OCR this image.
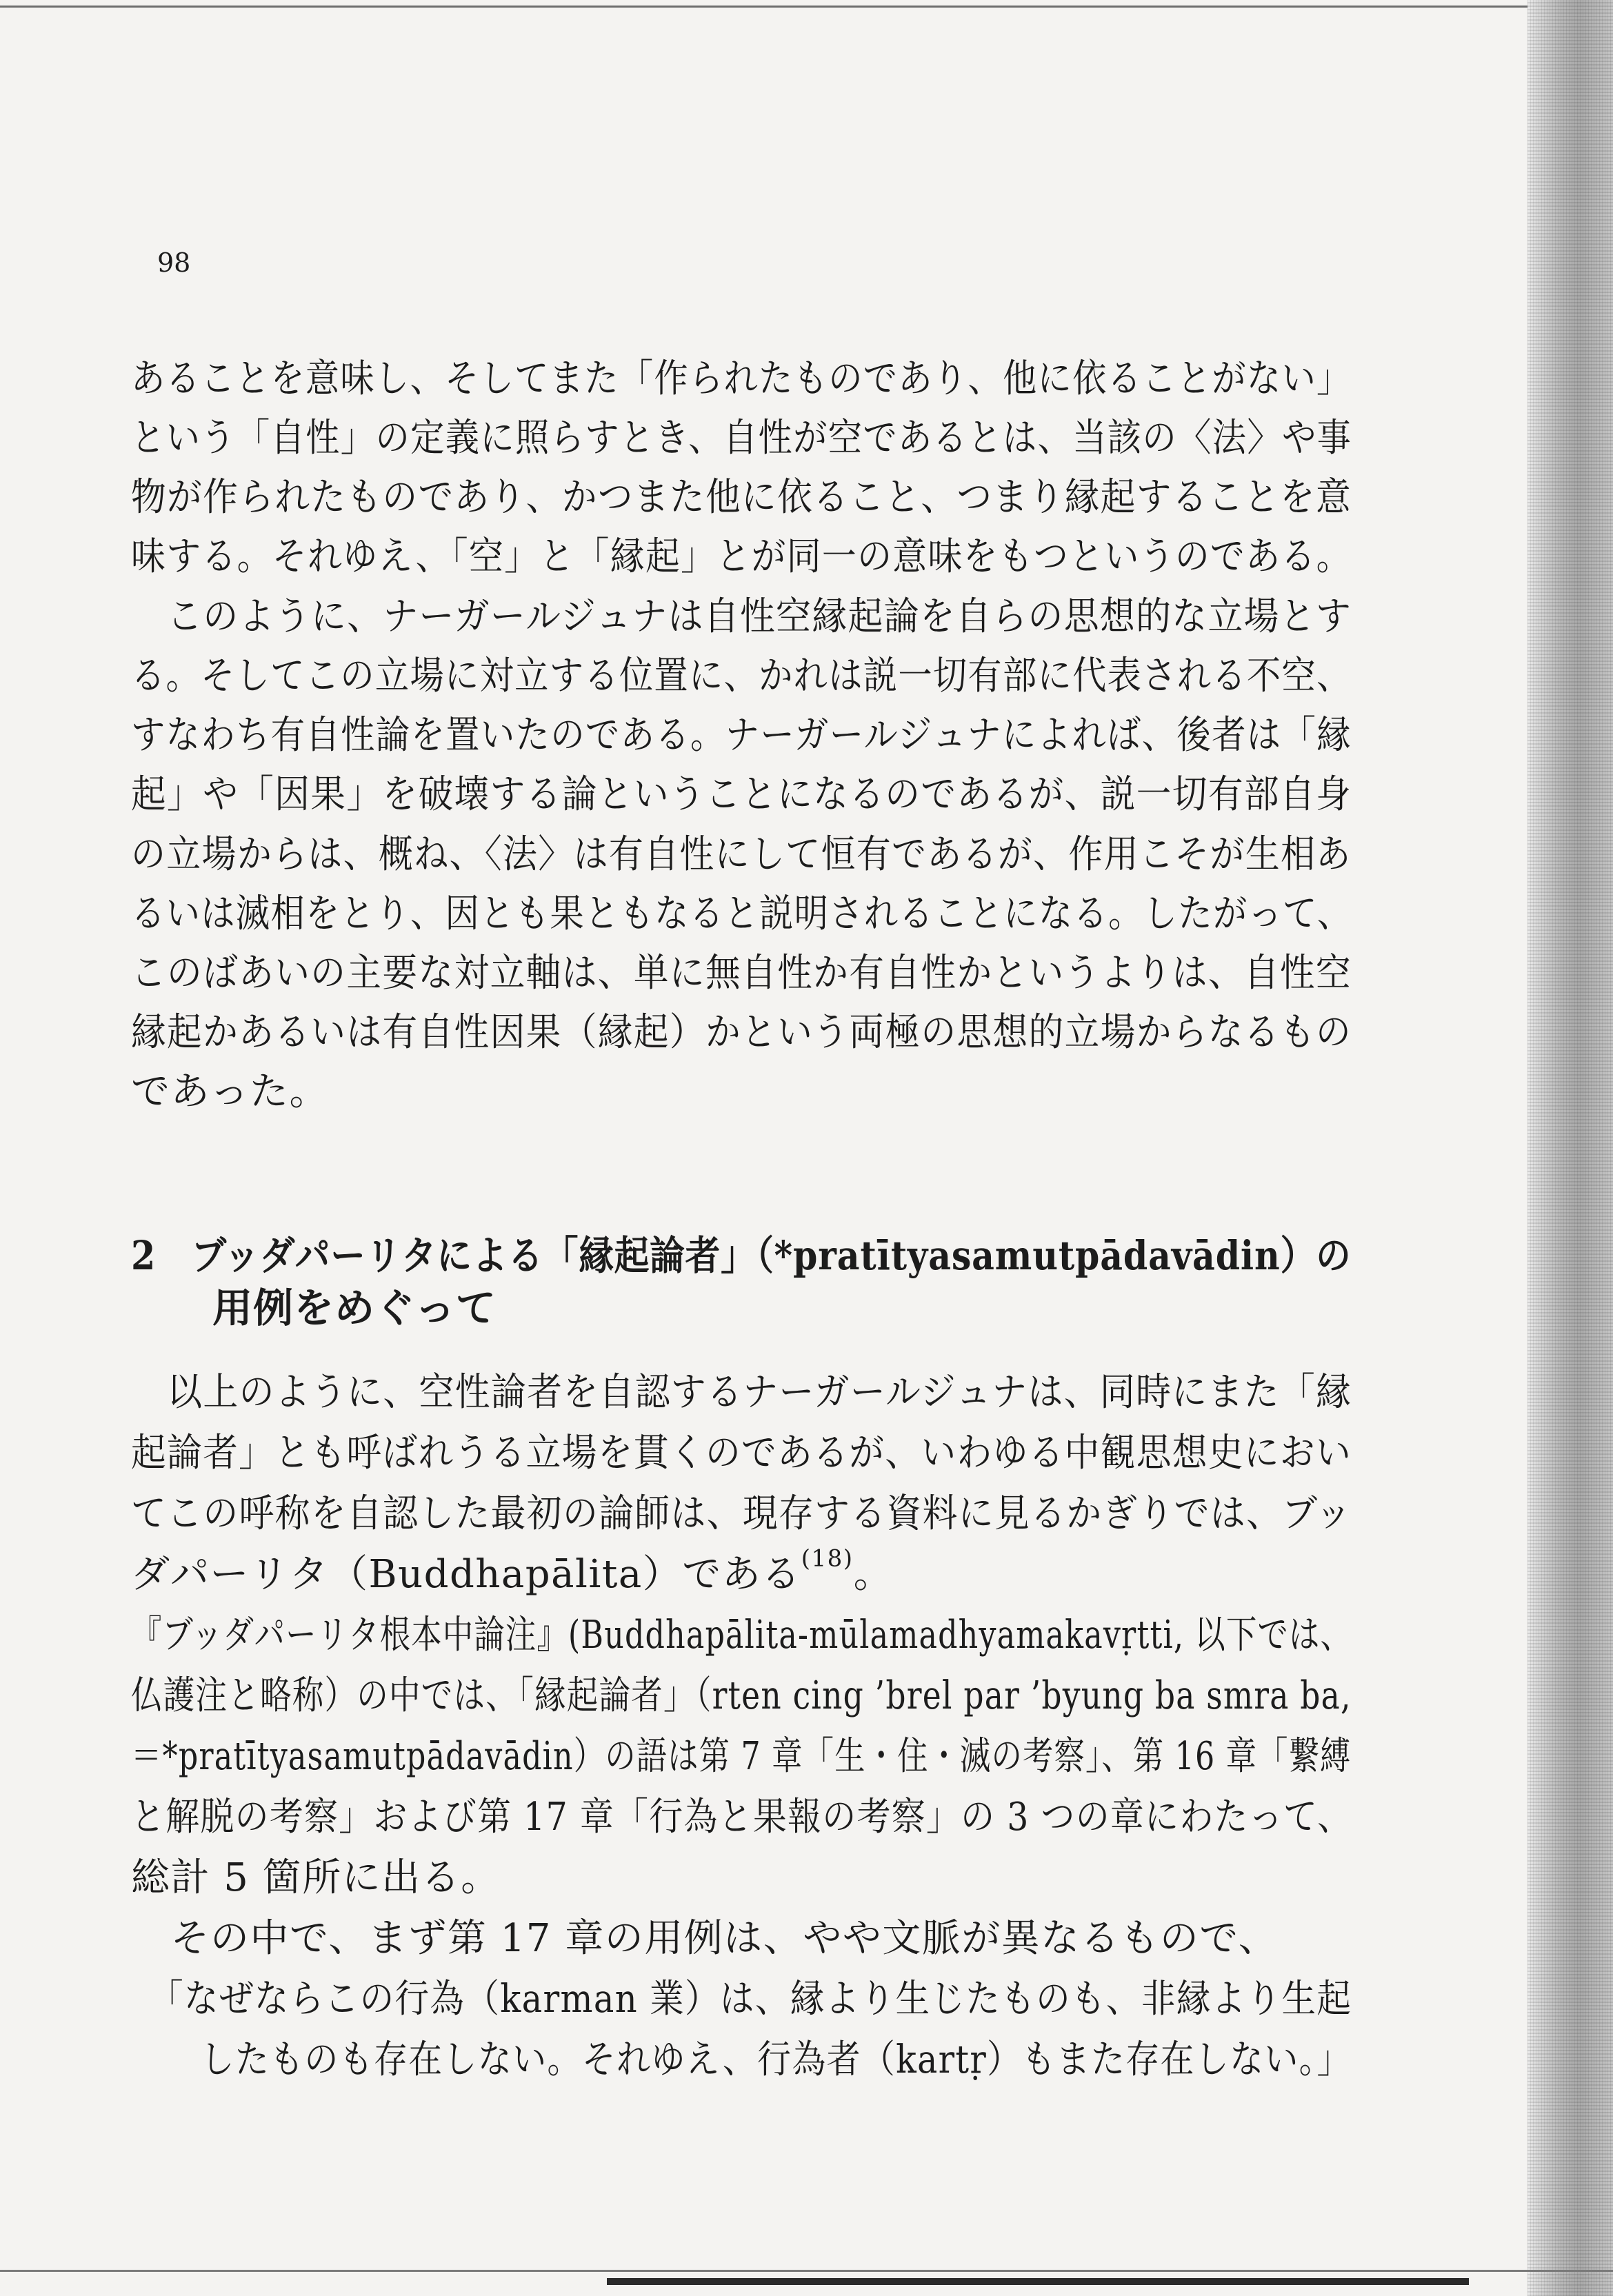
98
あることを意味し、そしてまた「作られたものであり、他に依ることがない」
という「自性」の定義に照らすとき、自性が空であるとは、当該の〈法〉や事
物が作られたものであり、かつまた他に依ること、つまり縁起することを意
味する。それゆえ、「空」と「縁起」とが同一の意味をもつというのである。
　このように、ナーガールジュナは自性空縁起論を自らの思想的な立場とす
る。そしてこの立場に対立する位置に、かれは説一切有部に代表される不空、
すなわち有自性論を置いたのである。ナーガールジュナによれば、後者は「縁
起」や「因果」を破壊する論ということになるのであるが、説一切有部自身
の立場からは、概ね、〈法〉は有自性にして恒有であるが、作用こそが生相あ
るいは滅相をとり、因とも果ともなると説明されることになる。したがって、
このばあいの主要な対立軸は、単に無自性か有自性かというよりは、自性空
縁起かあるいは有自性因果（縁起）かという両極の思想的立場からなるもの
であった。
2　ブッダパーリタによる「縁起論者」（*pratītyasamutpādavādin）の
　　用例をめぐって
　以上のように、空性論者を自認するナーガールジュナは、同時にまた「縁
起論者」とも呼ばれうる立場を貫くのであるが、いわゆる中観思想史におい
てこの呼称を自認した最初の論師は、現存する資料に見るかぎりでは、ブッ
ダパーリタ（Buddhapālita）である$^{(18)}$。
『ブッダパーリタ根本中論注』(Buddhapālita-mūlamadhyamakavṛtti, 以下では、
仏護注と略称）の中では、「縁起論者」（rten cing ’brel par ’byung ba smra ba,
＝*pratītyasamutpādavādin）の語は第 7 章「生・住・滅の考察」、第 16 章「繋縛
と解脱の考察」および第 17 章「行為と果報の考察」の 3 つの章にわたって、
総計 5 箇所に出る。
　その中で、まず第 17 章の用例は、やや文脈が異なるもので、
　「なぜならこの行為（karman 業）は、縁より生じたものも、非縁より生起
　　したものも存在しない。それゆえ、行為者（kartṛ）もまた存在しない。」
